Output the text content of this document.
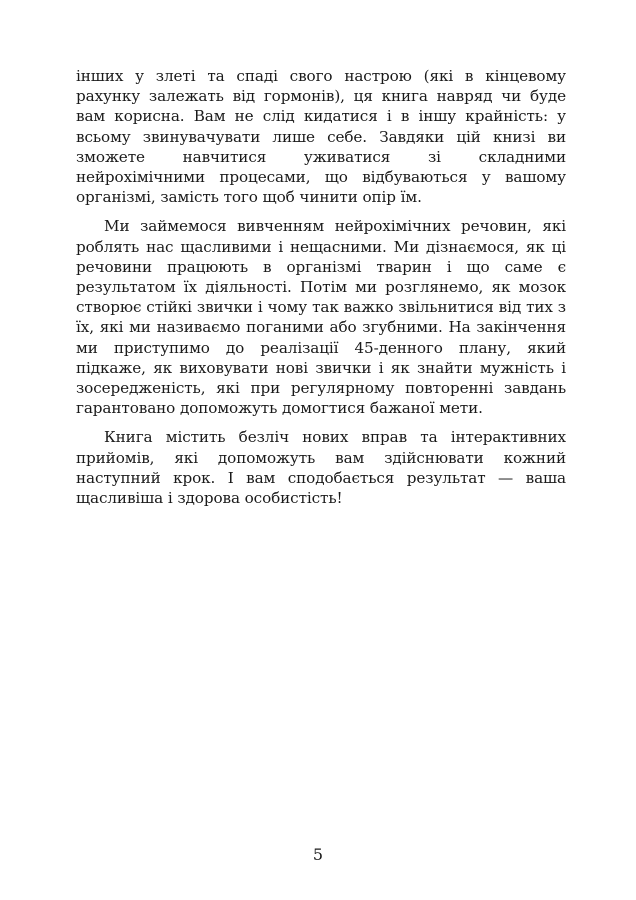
інших у злеті та спаді свого настрою (які в кінцевому рахунку залежать від гормонів), ця книга навряд чи буде вам корисна. Вам не слід кидатися і в іншу крайність: у всьому звинувачувати лише себе. Завдяки цій книзі ви зможете навчитися уживатися зі складними нейрохімічними процесами, що відбуваються у вашому організмі, замість того щоб чинити опір їм.

Ми займемося вивченням нейрохімічних речовин, які роблять нас щасливими і нещасними. Ми дізнаємося, як ці речовини працюють в організмі тварин і що саме є результатом їх діяльності. Потім ми розглянемо, як мозок створює стійкі звички і чому так важко звільнитися від тих з їх, які ми називаємо поганими або згубними. На закінчення ми приступимо до реалізації 45-денного плану, який підкаже, як виховувати нові звички і як знайти мужність і зосередженість, які при регулярному повторенні завдань гарантовано допоможуть домогтися бажаної мети.

Книга містить безліч нових вправ та інтерактивних прийомів, які допоможуть вам здійснювати кожний наступний крок. І вам сподобається результат — ваша щасливіша і здорова особистість!

5
